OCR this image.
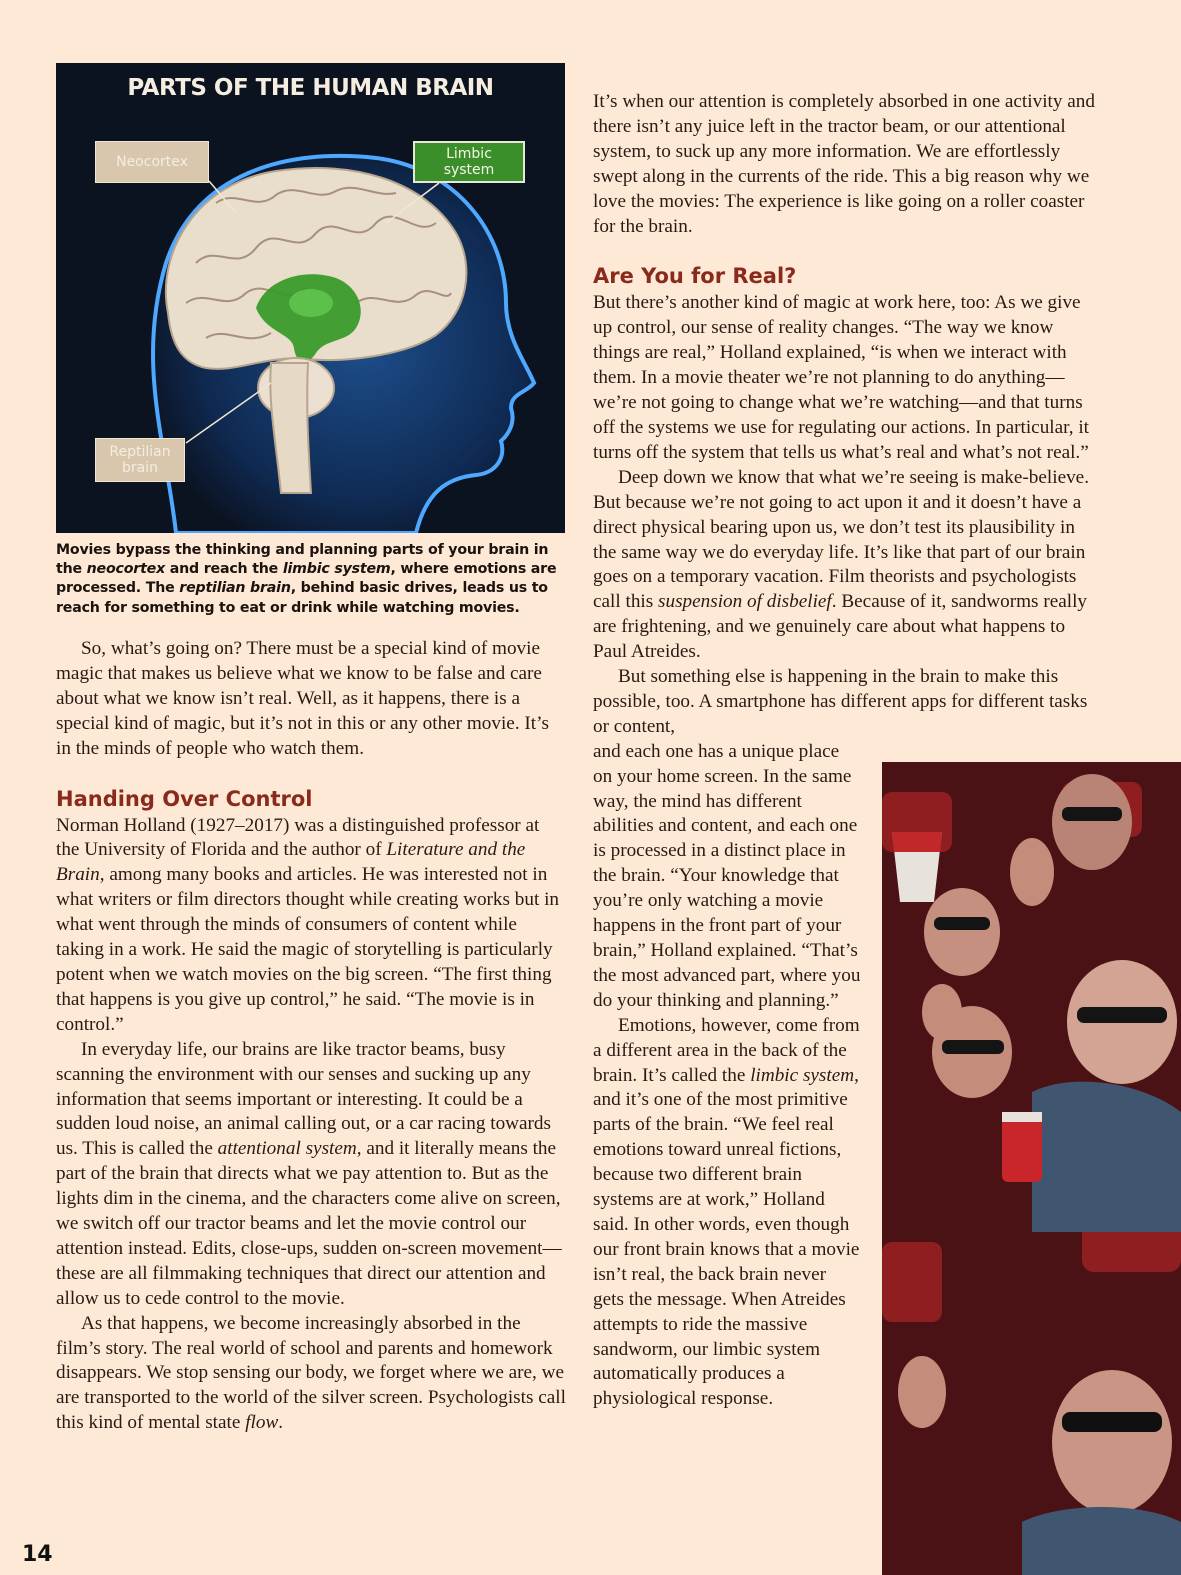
PARTS OF THE HUMAN BRAIN
Neocortex	Limbic system
Reptilian brain
Movies bypass the thinking and planning parts of your brain in the neocortex and reach the limbic system, where emotions are processed. The reptilian brain, behind basic drives, leads us to reach for something to eat or drink while watching movies.

So, what’s going on? There must be a special kind of movie magic that makes us believe what we know to be false and care about what we know isn’t real. Well, as it happens, there is a special kind of magic, but it’s not in this or any other movie. It’s in the minds of people who watch them.

Handing Over Control

Norman Holland (1927–2017) was a distinguished professor at the University of Florida and the author of Literature and the Brain, among many books and articles. He was interested not in what writers or film directors thought while creating works but in what went through the minds of consumers of content while taking in a work. He said the magic of storytelling is particularly potent when we watch movies on the big screen. “The first thing that happens is you give up control,” he said. “The movie is in control.”

In everyday life, our brains are like tractor beams, busy scanning the environment with our senses and sucking up any information that seems important or interesting. It could be a sudden loud noise, an animal calling out, or a car racing towards us. This is called the attentional system, and it literally means the part of the brain that directs what we pay attention to. But as the lights dim in the cinema, and the characters come alive on screen, we switch off our tractor beams and let the movie control our attention instead. Edits, close-ups, sudden on-screen movement—these are all filmmaking techniques that direct our attention and allow us to cede control to the movie.

As that happens, we become increasingly absorbed in the film’s story. The real world of school and parents and homework disappears. We stop sensing our body, we forget where we are, we are transported to the world of the silver screen. Psychologists call this kind of mental state flow.

It’s when our attention is completely absorbed in one activity and there isn’t any juice left in the tractor beam, or our attentional system, to suck up any more information. We are effortlessly swept along in the currents of the ride. This a big reason why we love the movies: The experience is like going on a roller coaster for the brain.

Are You for Real?

But there’s another kind of magic at work here, too: As we give up control, our sense of reality changes. “The way we know things are real,” Holland explained, “is when we interact with them. In a movie theater we’re not planning to do anything—we’re not going to change what we’re watching—and that turns off the systems we use for regulating our actions. In particular, it turns off the system that tells us what’s real and what’s not real.”

Deep down we know that what we’re seeing is make-believe. But because we’re not going to act upon it and it doesn’t have a direct physical bearing upon us, we don’t test its plausibility in the same way we do everyday life. It’s like that part of our brain goes on a temporary vacation. Film theorists and psychologists call this suspension of disbelief. Because of it, sandworms really are frightening, and we genuinely care about what happens to Paul Atreides.

But something else is happening in the brain to make this possible, too. A smartphone has different apps for different tasks or content,

and each one has a unique place on your home screen. In the same way, the mind has different abilities and content, and each one is processed in a distinct place in the brain. “Your knowledge that you’re only watching a movie happens in the front part of your brain,” Holland explained. “That’s the most advanced part, where you do your thinking and planning.”

Emotions, however, come from a different area in the back of the brain. It’s called the limbic system, and it’s one of the most primitive parts of the brain. “We feel real emotions toward unreal fictions, because two different brain systems are at work,” Holland said. In other words, even though our front brain knows that a movie isn’t real, the back brain never gets the message. When Atreides attempts to ride the massive sandworm, our limbic system automatically produces a physiological response.

14
